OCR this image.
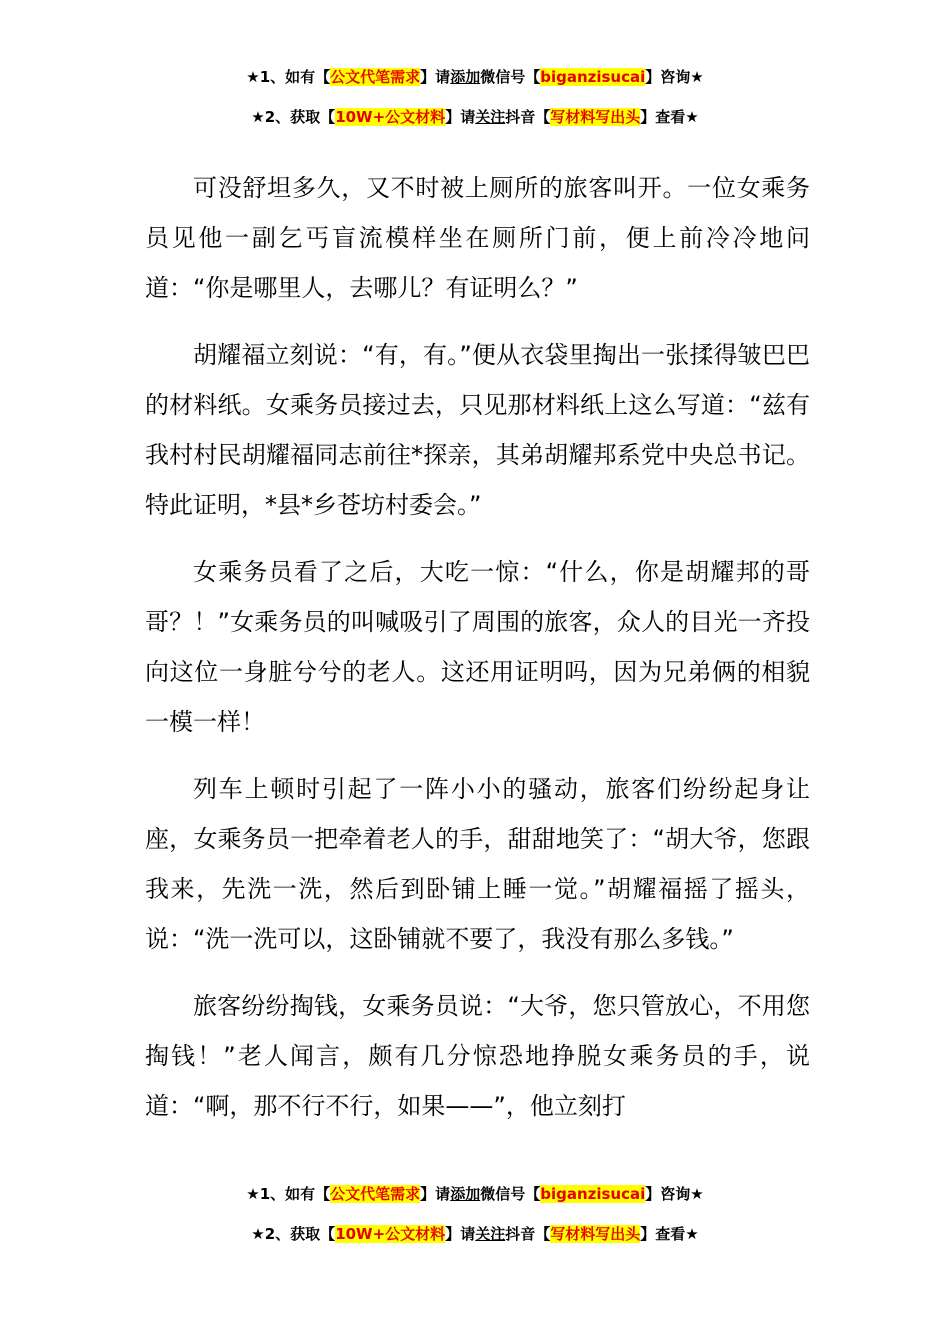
★1、如有【公文代笔需求】请添加微信号【biganzisucai】咨询★
★2、获取【10W+公文材料】请关注抖音【写材料写出头】查看★

可没舒坦多久，又不时被上厕所的旅客叫开。一位女乘务员见他一副乞丐盲流模样坐在厕所门前，便上前冷冷地问道：“你是哪里人，去哪儿？有证明么？”

胡耀福立刻说：“有，有。”便从衣袋里掏出一张揉得皱巴巴的材料纸。女乘务员接过去，只见那材料纸上这么写道：“兹有我村村民胡耀福同志前往*探亲，其弟胡耀邦系党中央总书记。特此证明，*县*乡苍坊村委会。”

女乘务员看了之后，大吃一惊：“什么，你是胡耀邦的哥哥？！”女乘务员的叫喊吸引了周围的旅客，众人的目光一齐投向这位一身脏兮兮的老人。这还用证明吗，因为兄弟俩的相貌一模一样！

列车上顿时引起了一阵小小的骚动，旅客们纷纷起身让座，女乘务员一把牵着老人的手，甜甜地笑了：“胡大爷，您跟我来，先洗一洗，然后到卧铺上睡一觉。”胡耀福摇了摇头，说：“洗一洗可以，这卧铺就不要了，我没有那么多钱。”

旅客纷纷掏钱，女乘务员说：“大爷，您只管放心，不用您掏钱！”老人闻言，颇有几分惊恐地挣脱女乘务员的手，说道：“啊，那不行不行，如果——”，他立刻打

★1、如有【公文代笔需求】请添加微信号【biganzisucai】咨询★
★2、获取【10W+公文材料】请关注抖音【写材料写出头】查看★
